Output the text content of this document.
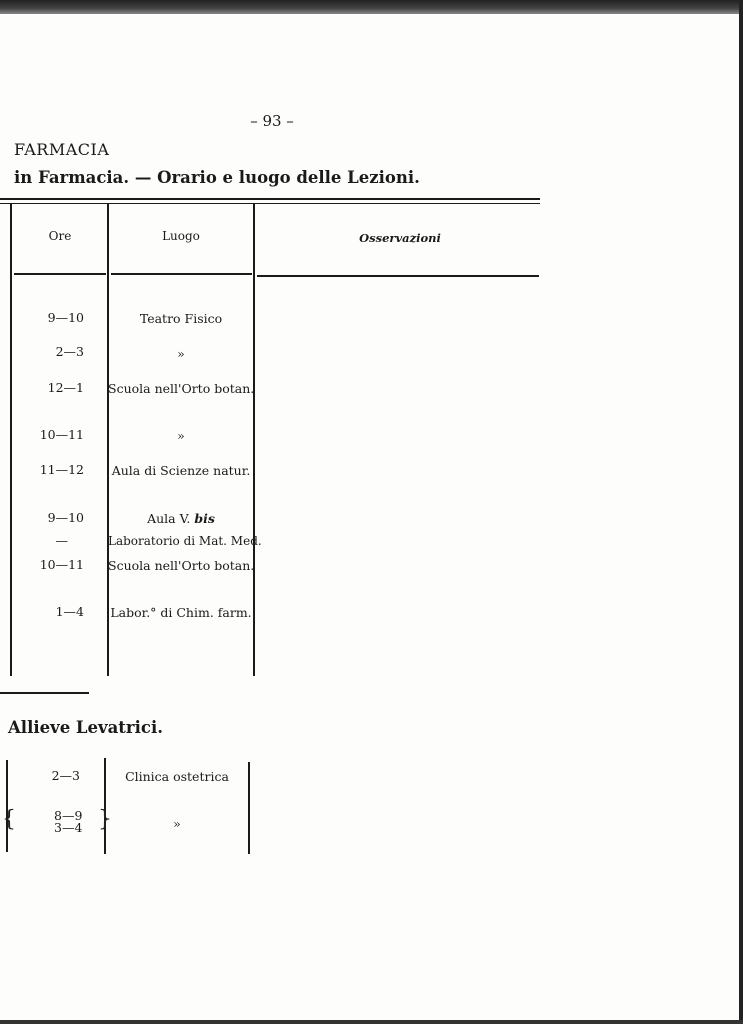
– 93 –
FARMACIA
in Farmacia. — Orario e luogo delle Lezioni.
Ore	Luogo	Osservazioni
9—10	Teatro Fisico
2—3	»
12—1 Scuola nell'Orto botan.
10—11	»
11—12 Aula di Scienze natur.
9—10	Aula V. bis
—	Laboratorio di Mat. Med.
10—11 Scuola nell'Orto botan.
1—4 Labor.° di Chim. farm.
Allieve Levatrici.
2—3	Clinica ostetrica
{	8—9
3—4 }	»
